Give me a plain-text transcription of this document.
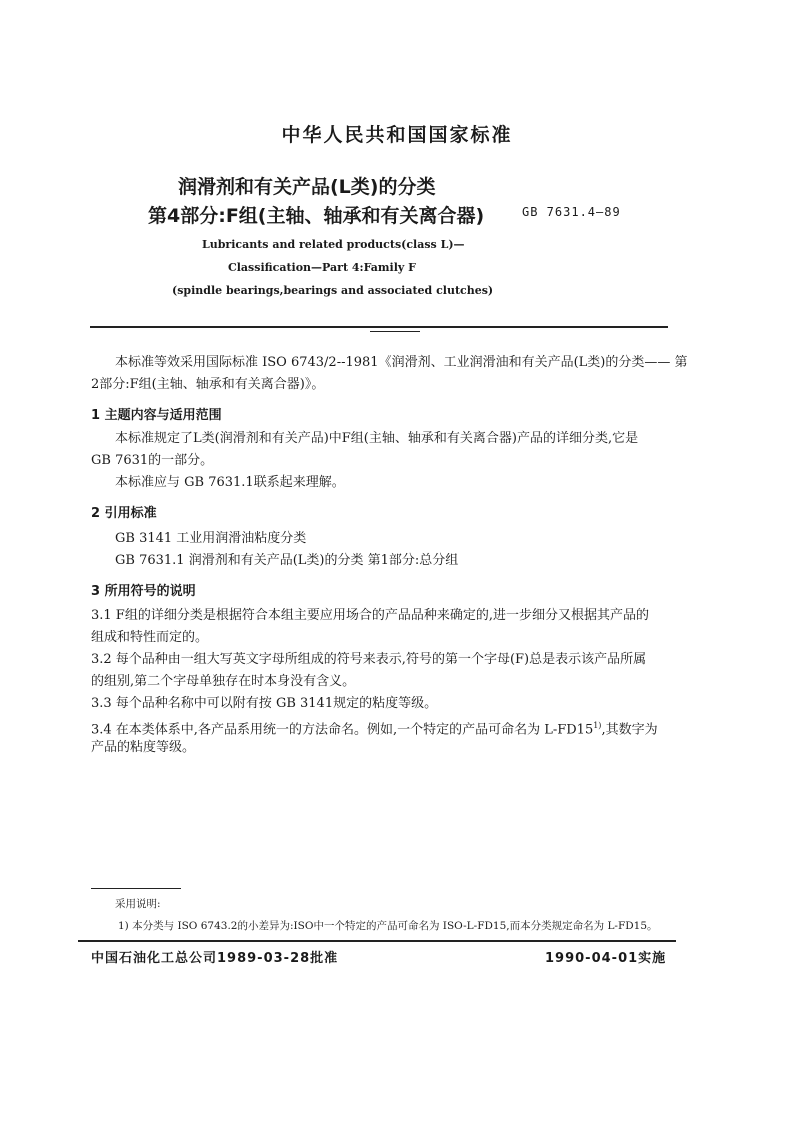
中华人民共和国国家标准
润滑剂和有关产品(L类)的分类
第4部分:F组(主轴、轴承和有关离合器)	GB 7631.4—89
Lubricants and related products(class L)—
Classification—Part 4:Family F
(spindle bearings,bearings and associated clutches)
本标准等效采用国际标准 ISO 6743/2--1981《润滑剂、工业润滑油和有关产品(L类)的分类—— 第
2部分:F组(主轴、轴承和有关离合器)》。
1 主题内容与适用范围
本标准规定了L类(润滑剂和有关产品)中F组(主轴、轴承和有关离合器)产品的详细分类,它是
GB 7631的一部分。
本标准应与 GB 7631.1联系起来理解。
2 引用标准
GB 3141 工业用润滑油粘度分类
GB 7631.1 润滑剂和有关产品(L类)的分类 第1部分:总分组
3 所用符号的说明
3.1 F组的详细分类是根据符合本组主要应用场合的产品品种来确定的,进一步细分又根据其产品的
组成和特性而定的。
3.2 每个品种由一组大写英文字母所组成的符号来表示,符号的第一个字母(F)总是表示该产品所属
的组别,第二个字母单独存在时本身没有含义。
3.3 每个品种名称中可以附有按 GB 3141规定的粘度等级。
3.4 在本类体系中,各产品系用统一的方法命名。例如,一个特定的产品可命名为 L-FD15$^{1)}$,其数字为
产品的粘度等级。
采用说明:
1) 本分类与 ISO 6743.2的小差异为:ISO中一个特定的产品可命名为 ISO-L-FD15,而本分类规定命名为 L-FD15。
中国石油化工总公司1989-03-28批准	1990-04-01实施
